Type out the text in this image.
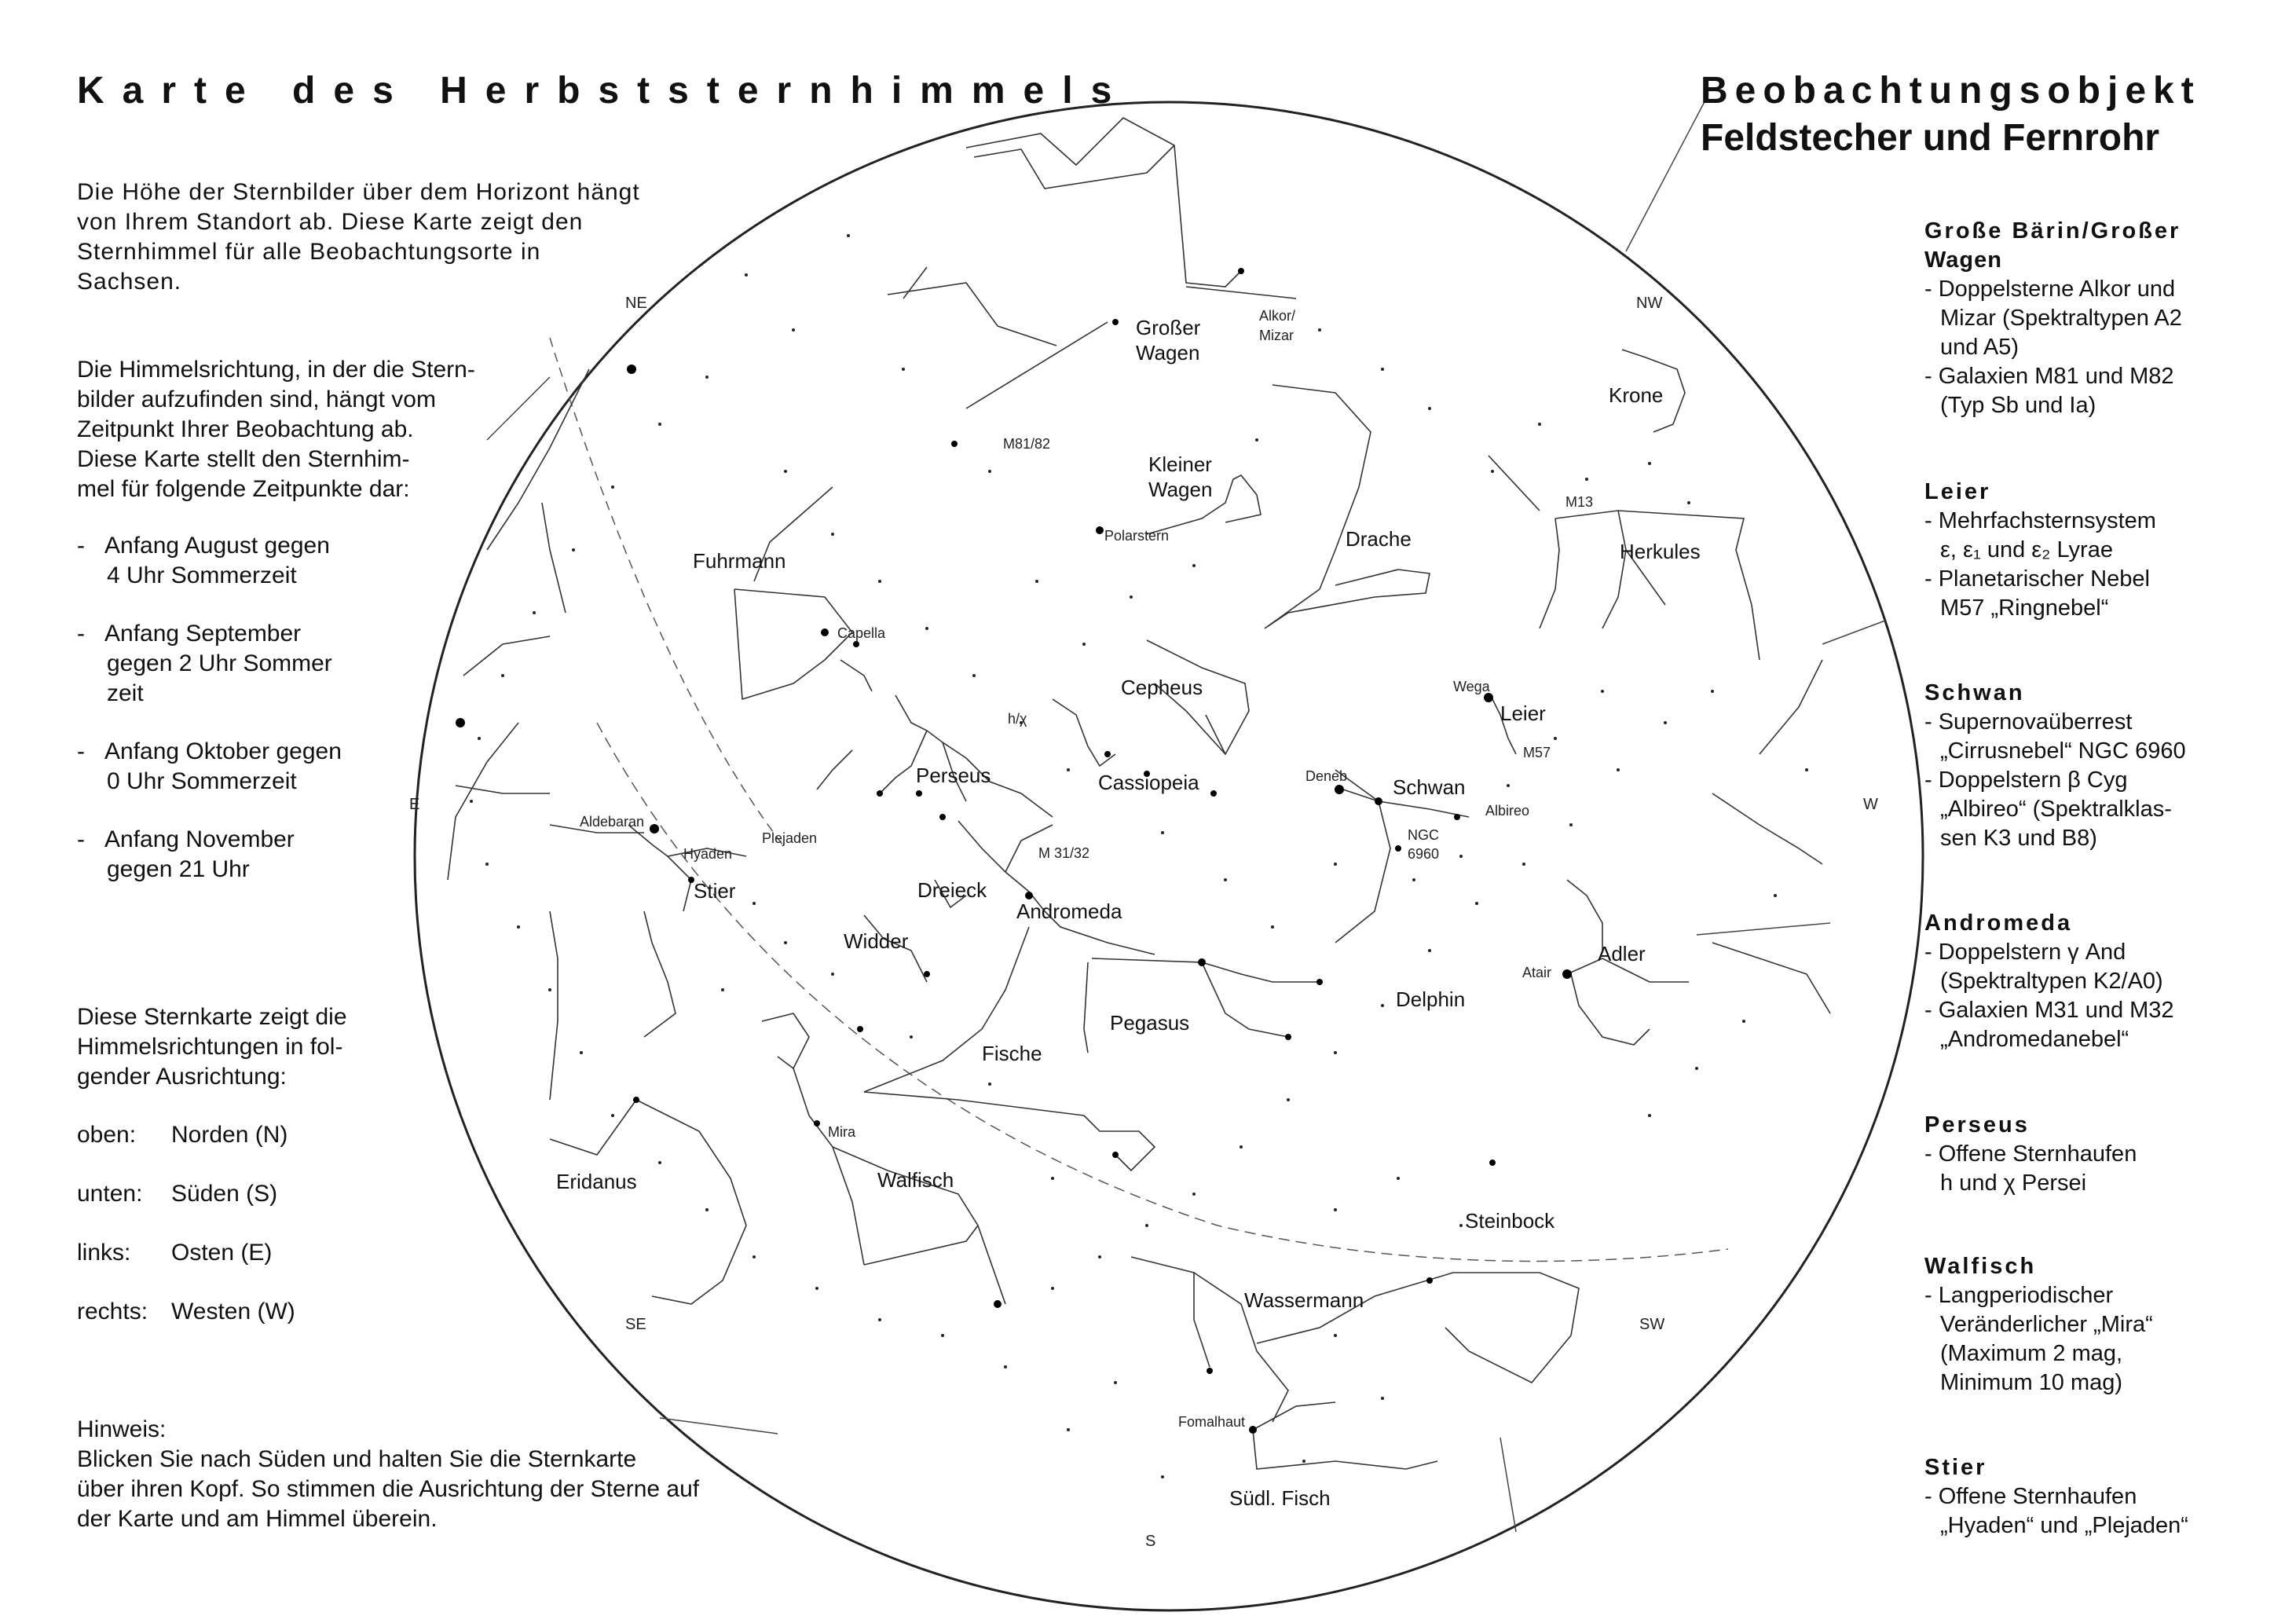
NE	NW
E	W
SE	SW
S
Großer
Wagen
Kleiner
Wagen
Krone
Drache
Herkules
Fuhrmann
Cepheus
Leier
Perseus	Cassiopeia	Schwan
Stier	Dreieck
Andromeda
Widder
Adler
Pegasus
Delphin
Fische
Eridanus	Walfisch
Steinbock
Wassermann
Südl. Fisch
Alkor/
Mizar
M81/82
Polarstern
M13
Capella
Wega
M57
h/χ
Deneb
Albireo
NGC
6960
Aldebaran
Hyaden
Plejaden
M 31/32
Atair
Mira
Fomalhaut
Karte des Herbststernhimmels	Beobachtungsobjekt
Feldstecher und Fernrohr
Die Höhe der Sternbilder über dem Horizont hängt
von Ihrem Standort ab. Diese Karte zeigt den
Sternhimmel für alle Beobachtungsorte in
Sachsen.
Die Himmelsrichtung, in der die Stern-
bilder aufzufinden sind, hängt vom
Zeitpunkt Ihrer Beobachtung ab.
Diese Karte stellt den Sternhim-
mel für folgende Zeitpunkte dar:
-   Anfang August gegen
4 Uhr Sommerzeit
-   Anfang September
gegen 2 Uhr Sommer
zeit
-   Anfang Oktober gegen
0 Uhr Sommerzeit
-   Anfang November
gegen 21 Uhr
Diese Sternkarte zeigt die
Himmelsrichtungen in fol-
gender Ausrichtung:
oben: Norden (N)
unten: Süden (S)
links: Osten (E)
rechts: Westen (W)
Hinweis:
Blicken Sie nach Süden und halten Sie die Sternkarte
über ihren Kopf. So stimmen die Ausrichtung der Sterne auf
der Karte und am Himmel überein.
Große Bärin/Großer
Wagen
- Doppelsterne Alkor und
Mizar (Spektraltypen A2
und A5)
- Galaxien M81 und M82
(Typ Sb und Ia)
Leier
- Mehrfachsternsystem
ε, ε₁ und ε₂ Lyrae
- Planetarischer Nebel
M57 „Ringnebel“
Schwan
- Supernovaüberrest
„Cirrusnebel“ NGC 6960
- Doppelstern β Cyg
„Albireo“ (Spektralklas-
sen K3 und B8)
Andromeda
- Doppelstern γ And
(Spektraltypen K2/A0)
- Galaxien M31 und M32
„Andromedanebel“
Perseus
- Offene Sternhaufen
h und χ Persei
Walfisch
- Langperiodischer
Veränderlicher „Mira“
(Maximum 2 mag,
Minimum 10 mag)
Stier
- Offene Sternhaufen
„Hyaden“ und „Plejaden“
